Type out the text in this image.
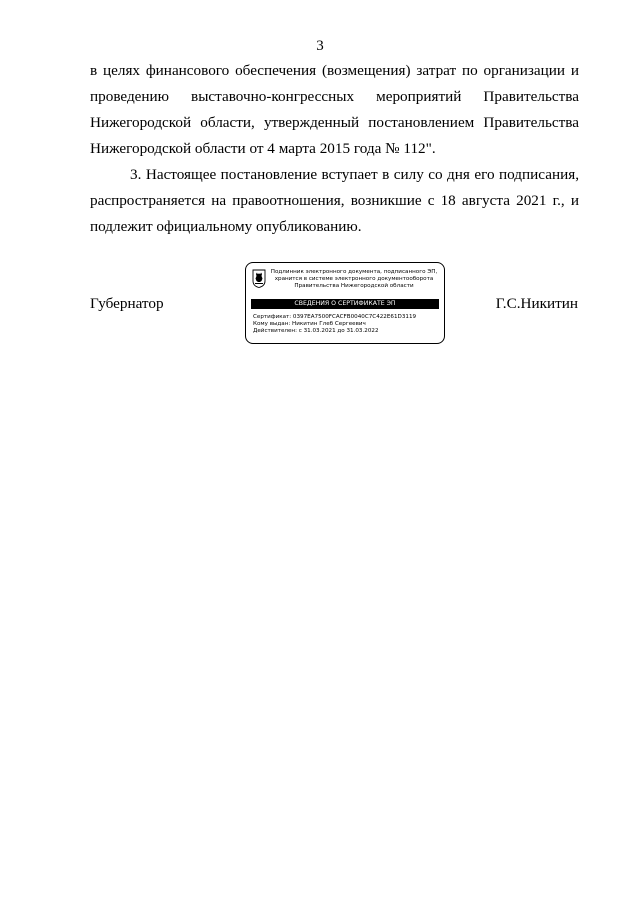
3

в целях финансового обеспечения (возмещения) затрат по организации и
проведению выставочно-конгрессных мероприятий Правительства
Нижегородской области, утвержденный постановлением Правительства
Нижегородской области от 4 марта 2015 года № 112".

3. Настоящее постановление вступает в силу со дня его подписания,
распространяется на правоотношения, возникшие с 18 августа 2021 г., и
подлежит официальному опубликованию.

Губернатор	Г.С.Никитин
Подлинник электронного документа, подписанного ЭП,
хранится в системе электронного документооборота
Правительства Нижегородской области
СВЕДЕНИЯ О СЕРТИФИКАТЕ ЭП
Сертификат: 0397EA7500FCACFB0040C7C422E61D3119
Кому выдан: Никитин Глеб Сергеевич
Действителен: с 31.03.2021 до 31.03.2022
